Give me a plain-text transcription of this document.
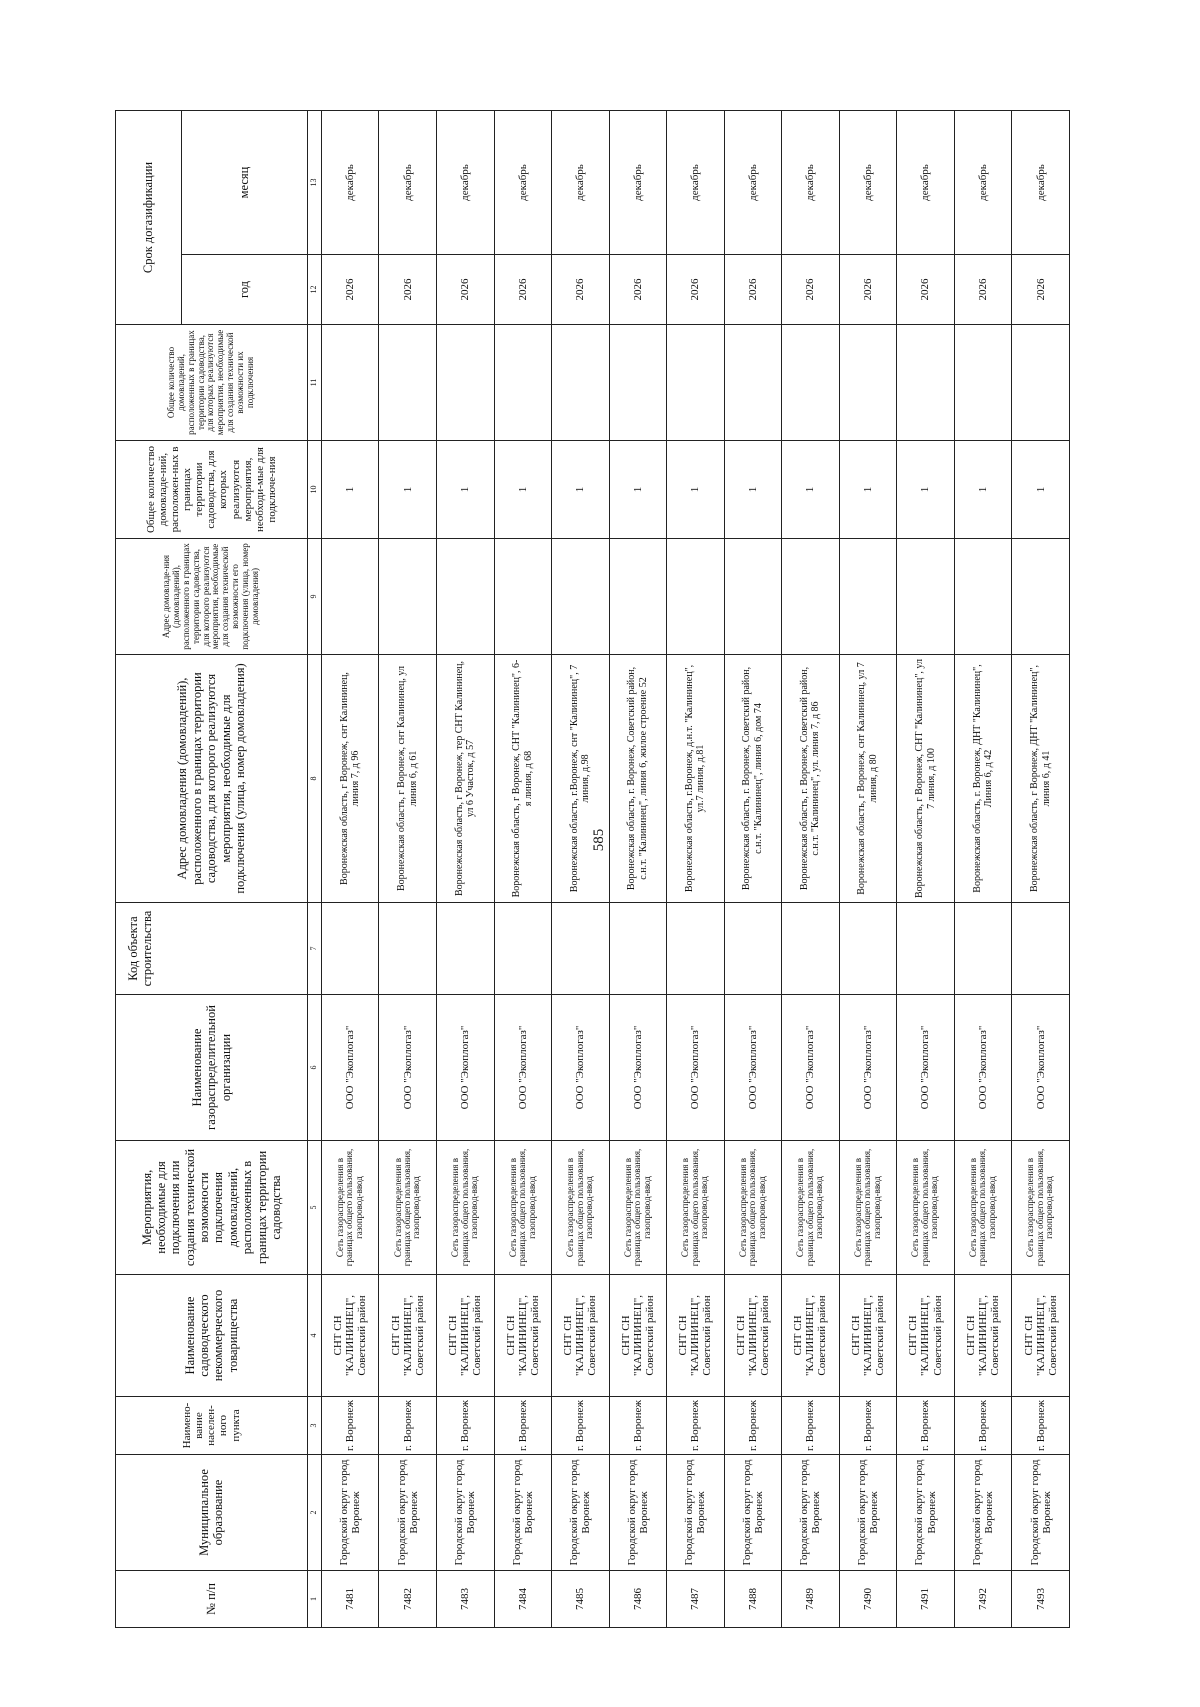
585
№ п/п	Муниципальное образование	Наимено-вание населен-ного пункта	Наименование садоводческого некоммерческого товарищества	Мероприятия, необходимые для подключения или создания технической возможности подключения домовладений, расположенных в границах территории садоводства	Наименование газораспределительной организации	Код объекта строительства	Адрес домовладения (домовладений), расположенного в границах территории садоводства, для которого реализуются мероприятия, необходимые для подключения (улица, номер домовладения)	Адрес домовладе-ния (домовладений), расположенного в границах территории садоводства, для которого реализуются мероприятия, необходимые для создания технической возможности его подключения (улица, номер домовладения)	Общее количество домовладе-ний, расположен-ных в границах территории садоводства, для которых реализуются мероприятия, необходи-мые для подключе-ния	Общее количество домовладений, расположенных в границах территории садоводства, для которых реализуются мероприятия, необходимые для создания технической возможности их подключения	Срок догазификации	
											год	месяц
1	2	3	4	5	6	7	8	9	10	11	12	13
7481	Городской округ город Воронеж	г. Воронеж	СНТ СН "КАЛИНИНЕЦ", Советский район	Сеть газораспределения в границах общего пользования, газопровод-ввод	ООО "Экоплогаз"		Воронежская область, г Воронеж, снт Калининец, линия 7, д 96		1		2026	декабрь
7482	Городской округ город Воронеж	г. Воронеж	СНТ СН "КАЛИНИНЕЦ", Советский район	Сеть газораспределения в границах общего пользования, газопровод-ввод	ООО "Экоплогаз"		Воронежская область, г Воронеж, снт Калининец, ул линия 6, д 61		1		2026	декабрь
7483	Городской округ город Воронеж	г. Воронеж	СНТ СН "КАЛИНИНЕЦ", Советский район	Сеть газораспределения в границах общего пользования, газопровод-ввод	ООО "Экоплогаз"		Воронежская область, г Воронеж, тер СНТ Калининец, ул 6 Участок, д 57		1		2026	декабрь
7484	Городской округ город Воронеж	г. Воронеж	СНТ СН "КАЛИНИНЕЦ", Советский район	Сеть газораспределения в границах общего пользования, газопровод-ввод	ООО "Экоплогаз"		Воронежская область, г Воронеж, СНТ "Калининец", 6-я линия, д 68		1		2026	декабрь
7485	Городской округ город Воронеж	г. Воронеж	СНТ СН "КАЛИНИНЕЦ", Советский район	Сеть газораспределения в границах общего пользования, газопровод-ввод	ООО "Экоплогаз"		Воронежская область, г.Воронеж, снт "Калининец", 7 линия, д.98		1		2026	декабрь
7486	Городской округ город Воронеж	г. Воронеж	СНТ СН "КАЛИНИНЕЦ", Советский район	Сеть газораспределения в границах общего пользования, газопровод-ввод	ООО "Экоплогаз"		Воронежская область, г. Воронеж, Советский район, с.н.т. "Калининец", линия 6, жилое строение 52		1		2026	декабрь
7487	Городской округ город Воронеж	г. Воронеж	СНТ СН "КАЛИНИНЕЦ", Советский район	Сеть газораспределения в границах общего пользования, газопровод-ввод	ООО "Экоплогаз"		Воронежская область, г.Воронеж, д.н.т. "Калининец", ул.7 линия, д.81		1		2026	декабрь
7488	Городской округ город Воронеж	г. Воронеж	СНТ СН "КАЛИНИНЕЦ", Советский район	Сеть газораспределения в границах общего пользования, газопровод-ввод	ООО "Экоплогаз"		Воронежская область, г. Воронеж, Советский район, с.н.т. "Калининец", линия 6, дом 74		1		2026	декабрь
7489	Городской округ город Воронеж	г. Воронеж	СНТ СН "КАЛИНИНЕЦ", Советский район	Сеть газораспределения в границах общего пользования, газопровод-ввод	ООО "Экоплогаз"		Воронежская область, г. Воронеж, Советский район, с.н.т. "Калининец", ул. линия 7, д 86		1		2026	декабрь
7490	Городской округ город Воронеж	г. Воронеж	СНТ СН "КАЛИНИНЕЦ", Советский район	Сеть газораспределения в границах общего пользования, газопровод-ввод	ООО "Экоплогаз"		Воронежская область, г Воронеж, снт Калининец, ул 7 линия, д 80		1		2026	декабрь
7491	Городской округ город Воронеж	г. Воронеж	СНТ СН "КАЛИНИНЕЦ", Советский район	Сеть газораспределения в границах общего пользования, газопровод-ввод	ООО "Экоплогаз"		Воронежская область, г Воронеж, СНТ "Калининец", ул 7 линия, д 100		1		2026	декабрь
7492	Городской округ город Воронеж	г. Воронеж	СНТ СН "КАЛИНИНЕЦ", Советский район	Сеть газораспределения в границах общего пользования, газопровод-ввод	ООО "Экоплогаз"		Воронежская область, г. Воронеж, ДНТ "Калининец", Линия 6, д 42		1		2026	декабрь
7493	Городской округ город Воронеж	г. Воронеж	СНТ СН "КАЛИНИНЕЦ", Советский район	Сеть газораспределения в границах общего пользования, газопровод-ввод	ООО "Экоплогаз"		Воронежская область, г Воронеж, ДНТ "Калининец", линия 6, д 41		1		2026	декабрь
